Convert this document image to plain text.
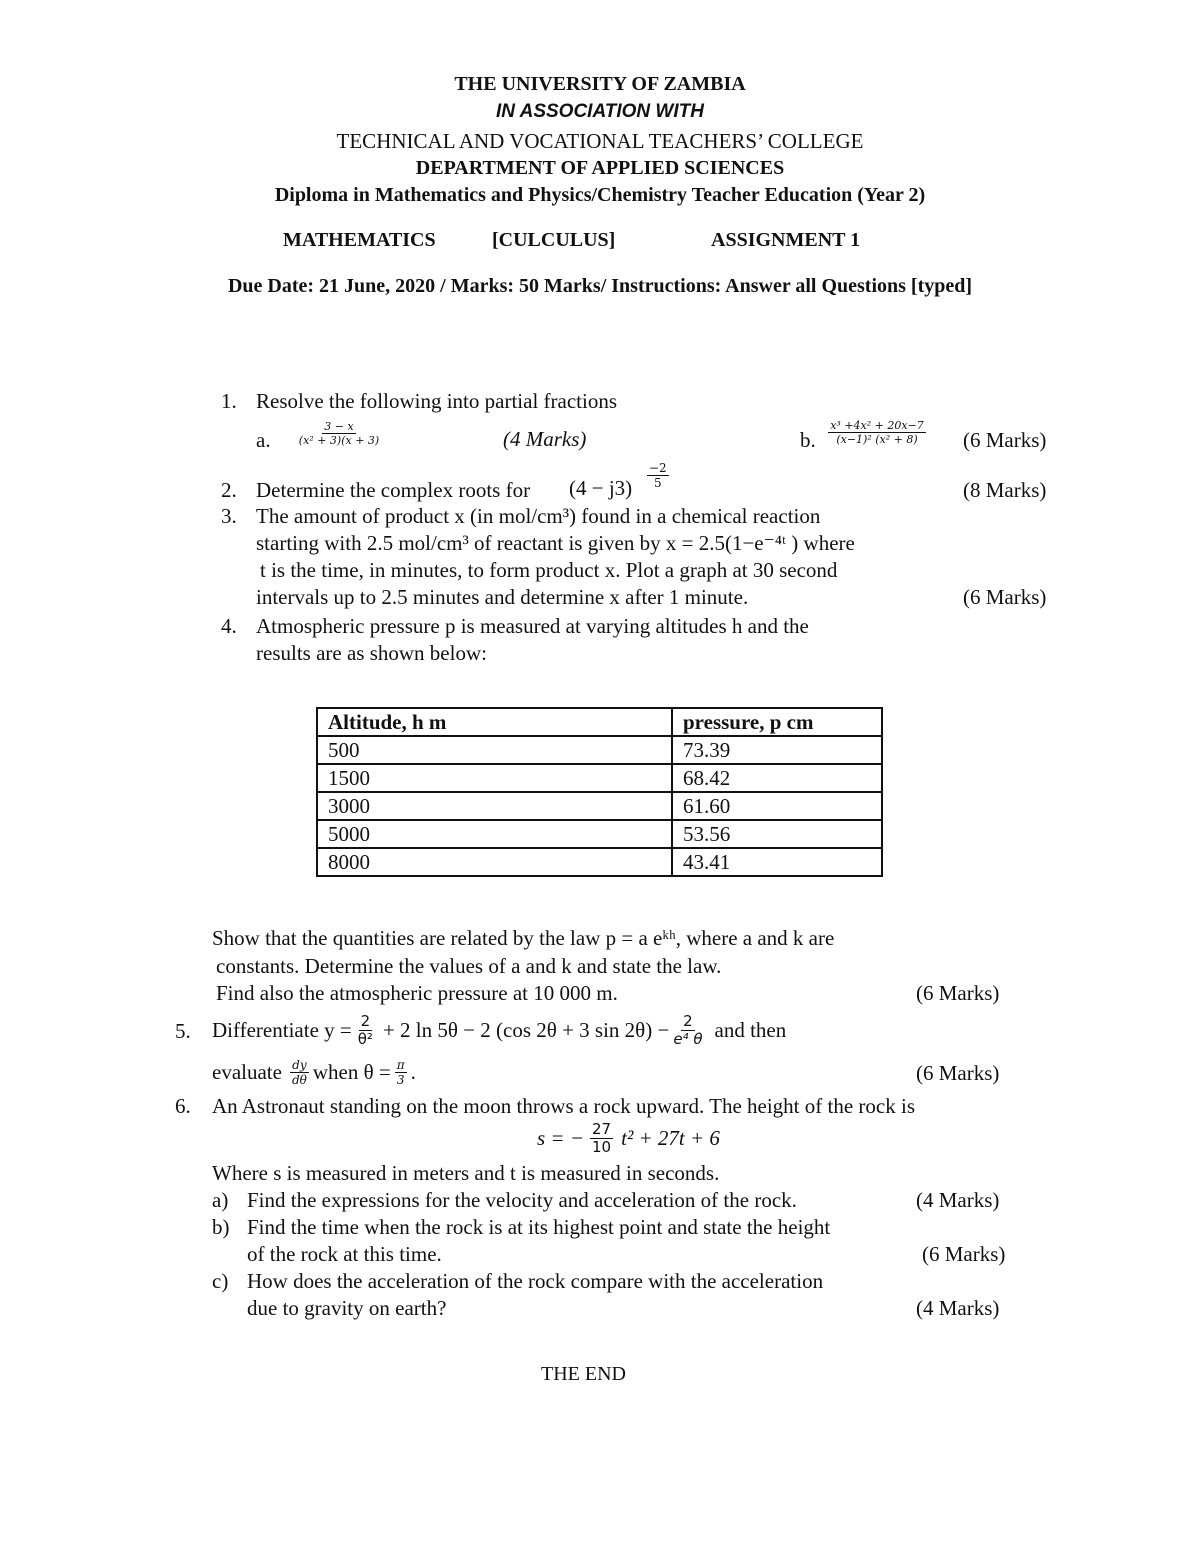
THE UNIVERSITY OF ZAMBIA
IN ASSOCIATION WITH
TECHNICAL AND VOCATIONAL TEACHERS’ COLLEGE
DEPARTMENT OF APPLIED SCIENCES
Diploma in Mathematics and Physics/Chemistry Teacher Education (Year 2)
MATHEMATICS	[CULCULUS]	ASSIGNMENT 1
Due Date: 21 June, 2020 / Marks: 50 Marks/ Instructions: Answer all Questions [typed]
1. Resolve the following into partial fractions
a. $\frac{3 - x}{\text{(x² + 3)(x + 3)}}$	(4 Marks)	b. $\frac{\text{x³ +4x² + 20x−7}}{\text{(x−1)² (x² + 8)}} (6$ Marks)
2. Determine the complex roots for $(4 - j3) \frac{-2}{5}$
(8 Marks)
3. The amount of product x (in mol/cm³) found in a chemical reaction
starting with 2.5 mol/cm³ of reactant is given by x = 2.5(1−e⁻⁴ᵗ ) where
t is the time, in minutes, to form product x. Plot a graph at 30 second
intervals up to 2.5 minutes and determine x after 1 minute.	(6 Marks)
4. Atmospheric pressure p is measured at varying altitudes h and the
results are as shown below:
Altitude, h m	pressure, p cm
500	73.39
1500	68.42
3000	61.60
5000	53.56
8000	43.41
Show that the quantities are related by the law p = a eᵏʰ, where a and k are
constants. Determine the values of a and k and state the law.
Find also the atmospheric pressure at 10 000 m.	(6 Marks)
5. Differentiate $y = \frac{2}{\text{θ²}} + 2$ ln 5θ − 2 (cos 2θ + 3 $\sin 2\theta) - \frac{2}{\text{e⁴ θ}}$ and then
evaluate $\frac{dy}{d\theta}$ when $\theta = \frac{\pi}{3}$ .	(6 Marks)
6. An Astronaut standing on the moon throws a rock upward. The height of the rock is
s = − $\frac{27}{10} t^2 + 27t + 6$
Where s is measured in meters and t is measured in seconds.
a) Find the expressions for the velocity and acceleration of the rock.	(4 Marks)
b) Find the time when the rock is at its highest point and state the height
of the rock at this time.	(6 Marks)
c) How does the acceleration of the rock compare with the acceleration
due to gravity on earth?	(4 Marks)
THE END
